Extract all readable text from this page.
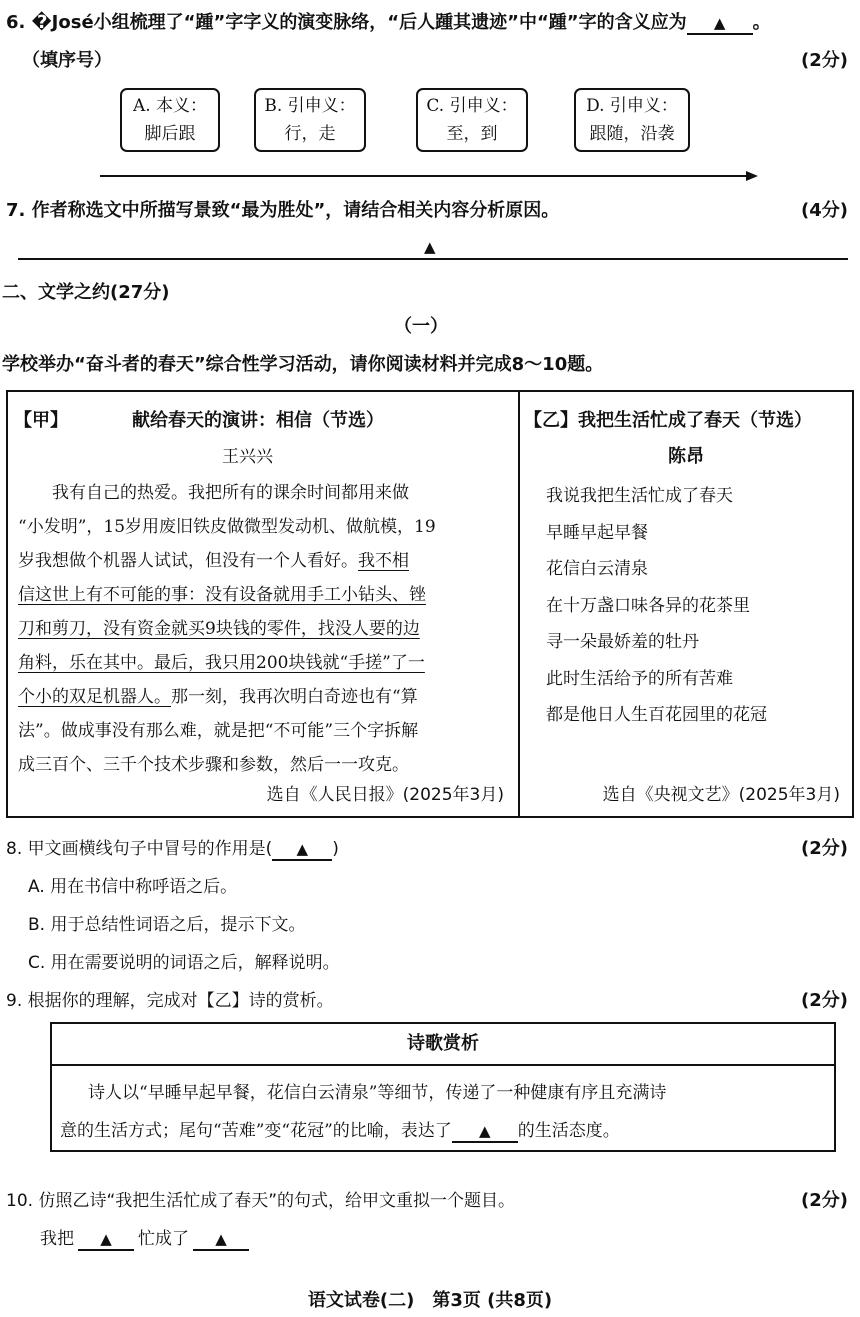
6. �José小组梳理了“踵”字字义的演变脉络，“后人踵其遗迹”中“踵”字的含义应为 ▲ 。
（填序号）	(2分)
A. 本义：
脚后跟
B. 引申义：
行，走
C. 引申义：
至，到
D. 引申义：
跟随，沿袭
7. 作者称选文中所描写景致“最为胜处”，请结合相关内容分析原因。	(4分)
▲
二、文学之约(27分)
（一）
学校举办“奋斗者的春天”综合性学习活动，请你阅读材料并完成8～10题。
【甲】	献给春天的演讲：相信（节选）
王兴兴
我有自己的热爱。我把所有的课余时间都用来做
“小发明”，15岁用废旧铁皮做微型发动机、做航模，19
岁我想做个机器人试试，但没有一个人看好。我不相
信这世上有不可能的事：没有设备就用手工小钻头、锉
刀和剪刀，没有资金就买9块钱的零件，找没人要的边
角料，乐在其中。最后，我只用200块钱就“手搓”了一
个小的双足机器人。那一刻，我再次明白奇迹也有“算
法”。做成事没有那么难，就是把“不可能”三个字拆解
成三百个、三千个技术步骤和参数，然后一一攻克。
选自《人民日报》(2025年3月)
【乙】我把生活忙成了春天（节选）
陈昂
我说我把生活忙成了春天
早睡早起早餐
花信白云清泉
在十万盏口味各异的花茶里
寻一朵最娇羞的牡丹
此时生活给予的所有苦难
都是他日人生百花园里的花冠
选自《央视文艺》(2025年3月)
8. 甲文画横线句子中冒号的作用是( ▲ )	(2分)
A. 用在书信中称呼语之后。
B. 用于总结性词语之后，提示下文。
C. 用在需要说明的词语之后，解释说明。
9. 根据你的理解，完成对【乙】诗的赏析。	(2分)
诗歌赏析
诗人以“早睡早起早餐，花信白云清泉”等细节，传递了一种健康有序且充满诗
意的生活方式；尾句“苦难”变“花冠”的比喻，表达了 ▲ 的生活态度。
10. 仿照乙诗“我把生活忙成了春天”的句式，给甲文重拟一个题目。	(2分)
我把 ▲ 忙成了 ▲
语文试卷(二)　第3页 (共8页)
